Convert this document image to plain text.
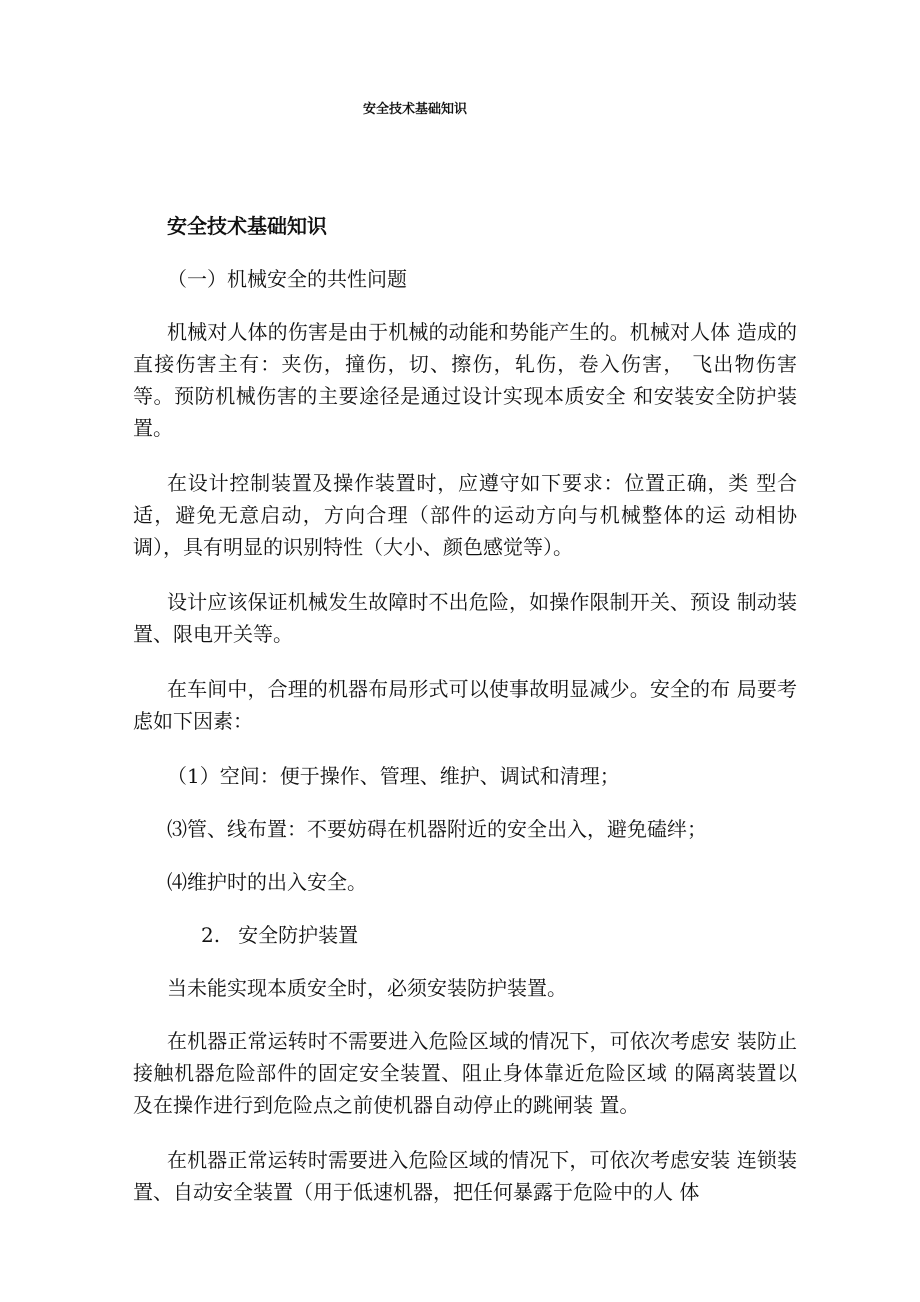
安全技术基础知识

安全技术基础知识

（一）机械安全的共性问题

机械对人体的伤害是由于机械的动能和势能产生的。机械对人体 造成的直接伤害主有：夹伤，撞伤，切、擦伤，轧伤，卷入伤害， 飞出物伤害等。预防机械伤害的主要途径是通过设计实现本质安全 和安装安全防护装置。

在设计控制装置及操作装置时，应遵守如下要求：位置正确，类 型合适，避免无意启动，方向合理（部件的运动方向与机械整体的运 动相协调），具有明显的识别特性（大小、颜色感觉等）。

设计应该保证机械发生故障时不出危险，如操作限制开关、预设 制动装置、限电开关等。

在车间中，合理的机器布局形式可以使事故明显减少。安全的布 局要考虑如下因素：

（1）空间：便于操作、管理、维护、调试和清理；

⑶管、线布置：不要妨碍在机器附近的安全出入，避免磕绊；

⑷维护时的出入安全。

2. 安全防护装置

当未能实现本质安全时，必须安装防护装置。

在机器正常运转时不需要进入危险区域的情况下，可依次考虑安 装防止接触机器危险部件的固定安全装置、阻止身体靠近危险区域 的隔离装置以及在操作进行到危险点之前使机器自动停止的跳闸装 置。

在机器正常运转时需要进入危险区域的情况下，可依次考虑安装 连锁装置、自动安全装置（用于低速机器，把任何暴露于危险中的人 体
